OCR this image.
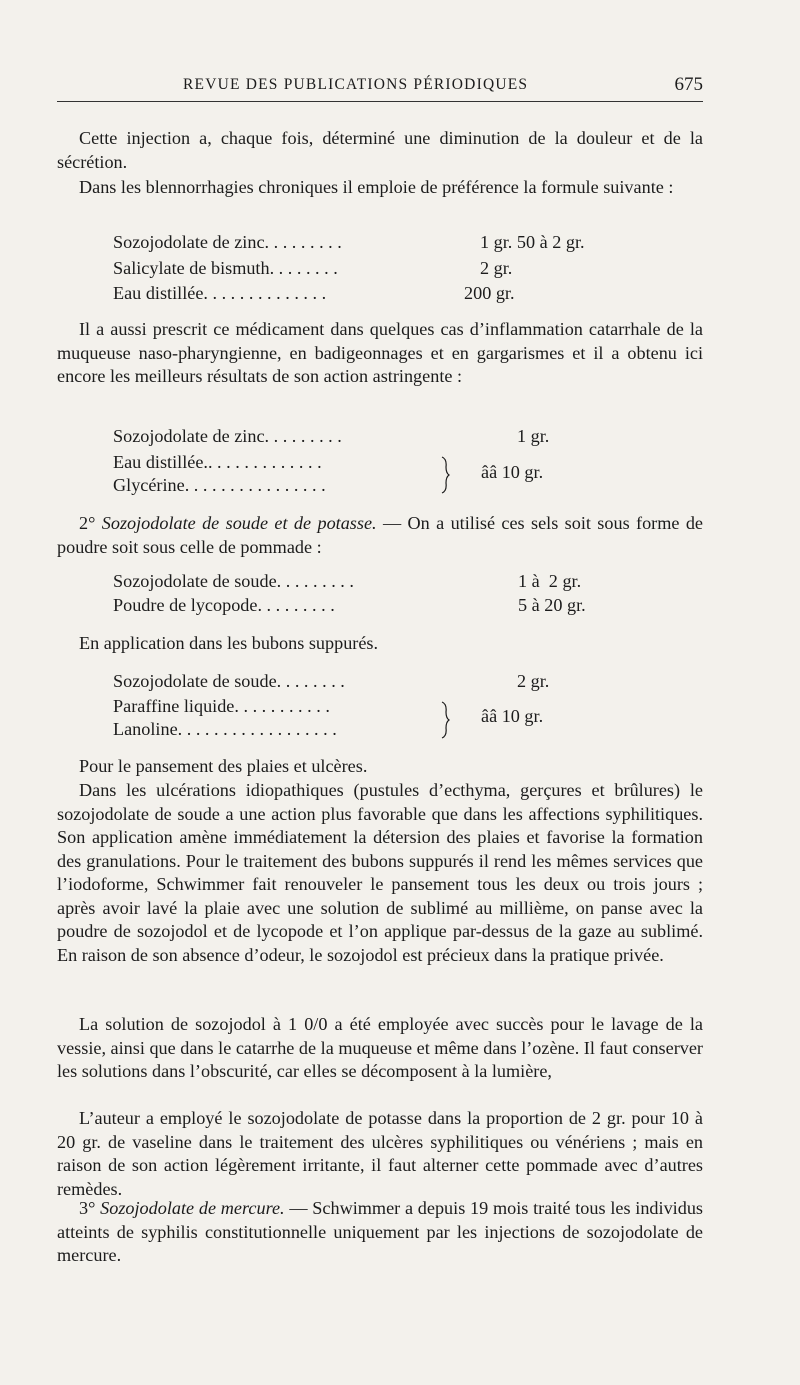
REVUE DES PUBLICATIONS PÉRIODIQUES	675

Cette injection a, chaque fois, déterminé une diminution de la douleur et de la sécrétion.

Dans les blennorrhagies chroniques il emploie de préférence la formule suivante :

Sozojodolate de zinc. . . . . . . . .	1 gr. 50 à 2 gr.
Salicylate de bismuth. . . . . . . .	2 gr.
Eau distillée. . . . . . . . . . . . . .	200 gr.

Il a aussi prescrit ce médicament dans quelques cas d’inflammation catarrhale de la muqueuse naso-pharyngienne, en badigeonnages et en gargarismes et il a obtenu ici encore les meilleurs résultats de son action astringente :

Sozojodolate de zinc. . . . . . . . .	1 gr.
Eau distillée.. . . . . . . . . . . . .
Glycérine. . . . . . . . . . . . . . . .
ââ 10 gr.

2° Sozojodolate de soude et de potasse. — On a utilisé ces sels soit sous forme de poudre soit sous celle de pommade :

Sozojodolate de soude. . . . . . . . .	1 à  2 gr.
Poudre de lycopode. . . . . . . . .	5 à 20 gr.

En application dans les bubons suppurés.

Sozojodolate de soude. . . . . . . .	2 gr.
Paraffine liquide. . . . . . . . . . .
Lanoline. . . . . . . . . . . . . . . . . .
ââ 10 gr.

Pour le pansement des plaies et ulcères.

Dans les ulcérations idiopathiques (pustules d’ecthyma, gerçures et brûlures) le sozojodolate de soude a une action plus favorable que dans les affections syphilitiques. Son application amène immédiatement la détersion des plaies et favorise la formation des granulations. Pour le traitement des bubons suppurés il rend les mêmes services que l’iodoforme, Schwimmer fait renouveler le pansement tous les deux ou trois jours ; après avoir lavé la plaie avec une solution de sublimé au millième, on panse avec la poudre de sozojodol et de lycopode et l’on applique par-dessus de la gaze au sublimé. En raison de son absence d’odeur, le sozojodol est précieux dans la pratique privée.

La solution de sozojodol à 1 0/0 a été employée avec succès pour le lavage de la vessie, ainsi que dans le catarrhe de la muqueuse et même dans l’ozène. Il faut conserver les solutions dans l’obscurité, car elles se décomposent à la lumière,

L’auteur a employé le sozojodolate de potasse dans la proportion de 2 gr. pour 10 à 20 gr. de vaseline dans le traitement des ulcères syphilitiques ou vénériens ; mais en raison de son action légèrement irritante, il faut alterner cette pommade avec d’autres remèdes.

3° Sozojodolate de mercure. — Schwimmer a depuis 19 mois traité tous les individus atteints de syphilis constitutionnelle uniquement par les injections de sozojodolate de mercure.
